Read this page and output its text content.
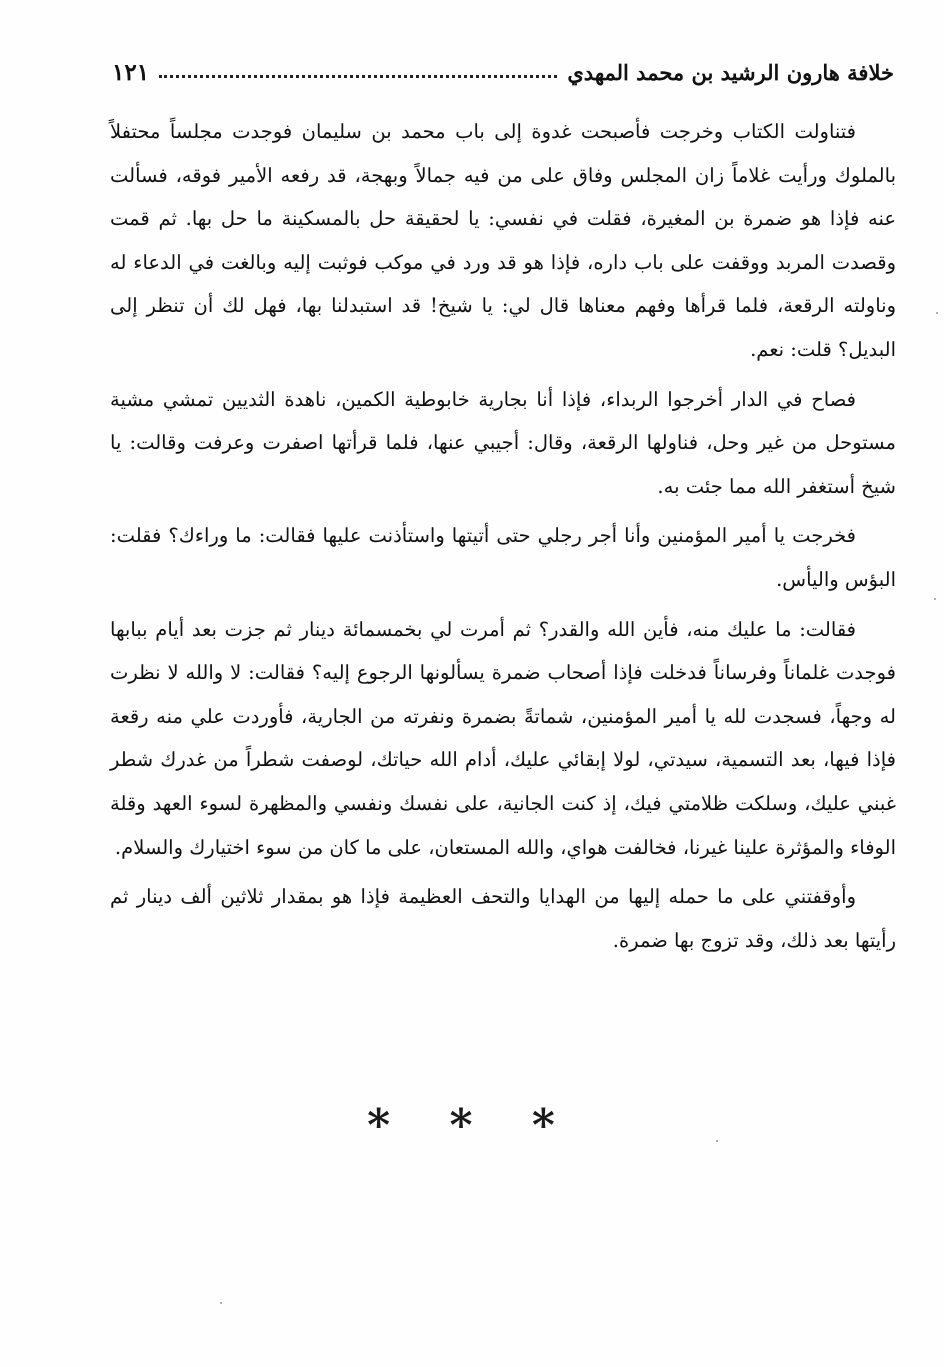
خلافة هارون الرشيد بن محمد المهدي
١٢١

فتناولت الكتاب وخرجت فأصبحت غدوة إلى باب محمد بن سليمان فوجدت مجلساً محتفلاً بالملوك ورأيت غلاماً زان المجلس وفاق على من فيه جمالاً وبهجة، قد رفعه الأمير فوقه، فسألت عنه فإذا هو ضمرة بن المغيرة، فقلت في نفسي: يا لحقيقة حل بالمسكينة ما حل بها. ثم قمت وقصدت المربد ووقفت على باب داره، فإذا هو قد ورد في موكب فوثبت إليه وبالغت في الدعاء له وناولته الرقعة، فلما قرأها وفهم معناها قال لي: يا شيخ! قد استبدلنا بها، فهل لك أن تنظر إلى البديل؟ قلت: نعم.

فصاح في الدار أخرجوا الربداء، فإذا أنا بجارية خابوطية الكمين، ناهدة الثديين تمشي مشية مستوحل من غير وحل، فناولها الرقعة، وقال: أجيبي عنها، فلما قرأتها اصفرت وعرفت وقالت: يا شيخ أستغفر الله مما جئت به.

فخرجت يا أمير المؤمنين وأنا أجر رجلي حتى أتيتها واستأذنت عليها فقالت: ما وراءك؟ فقلت: البؤس واليأس.

فقالت: ما عليك منه، فأين الله والقدر؟ ثم أمرت لي بخمسمائة دينار ثم جزت بعد أيام ببابها فوجدت غلماناً وفرساناً فدخلت فإذا أصحاب ضمرة يسألونها الرجوع إليه؟ فقالت: لا والله لا نظرت له وجهاً، فسجدت لله يا أمير المؤمنين، شماتةً بضمرة ونفرته من الجارية، فأوردت علي منه رقعة فإذا فيها، بعد التسمية، سيدتي، لولا إبقائي عليك، أدام الله حياتك، لوصفت شطراً من غدرك شطر غبني عليك، وسلكت ظلامتي فيك، إذ كنت الجانية، على نفسك ونفسي والمظهرة لسوء العهد وقلة الوفاء والمؤثرة علينا غيرنا، فخالفت هواي، والله المستعان، على ما كان من سوء اختيارك والسلام.

وأوقفتني على ما حمله إليها من الهدايا والتحف العظيمة فإذا هو بمقدار ثلاثين ألف دينار ثم رأيتها بعد ذلك، وقد تزوج بها ضمرة.

* * *
